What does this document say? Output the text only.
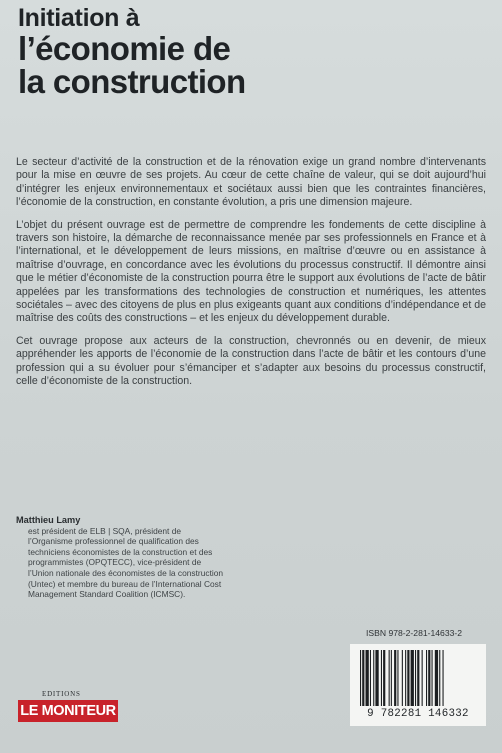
Initiation à
l’économie de
la construction

Le secteur d’activité de la construction et de la rénovation exige un grand nombre d’intervenants pour la mise en œuvre de ses projets. Au cœur de cette chaîne de valeur, qui se doit aujourd’hui d’intégrer les enjeux environnementaux et sociétaux aussi bien que les contraintes financières, l’économie de la construction, en constante évolution, a pris une dimension majeure.

L’objet du présent ouvrage est de permettre de comprendre les fondements de cette discipline à travers son histoire, la démarche de reconnaissance menée par ses professionnels en France et à l’international, et le développement de leurs missions, en maîtrise d’œuvre ou en assistance à maîtrise d’ouvrage, en concordance avec les évolutions du processus constructif. Il démontre ainsi que le métier d’économiste de la construction pourra être le support aux évolutions de l’acte de bâtir appelées par les transformations des technologies de construction et numériques, les attentes sociétales – avec des citoyens de plus en plus exigeants quant aux conditions d’indépendance et de maîtrise des coûts des constructions – et les enjeux du développement durable.

Cet ouvrage propose aux acteurs de la construction, chevronnés ou en devenir, de mieux appréhender les apports de l’économie de la construction dans l’acte de bâtir et les contours d’une profession qui a su évoluer pour s’émanciper et s’adapter aux besoins du processus constructif, celle d’économiste de la construction.

Matthieu Lamy
est président de ELB | SQA, président de l’Organisme professionnel de qualification des techniciens économistes de la construction et des programmistes (OPQTECC), vice-président de l’Union nationale des économistes de la construction (Untec) et membre du bureau de l’International Cost Management Standard Coalition (ICMSC).
ISBN 978-2-281-14633-2
9 782281 146332
EDITIONS
LE MONITEUR
